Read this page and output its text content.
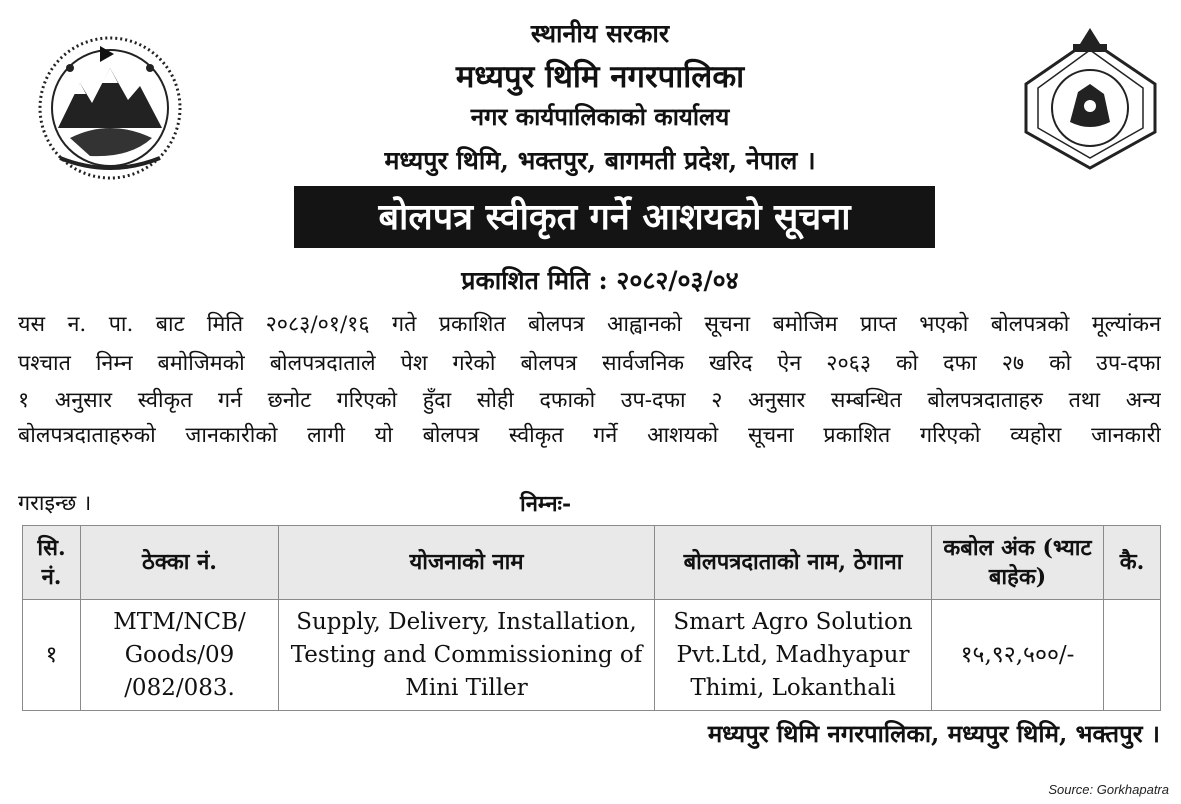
स्थानीय सरकार
मध्यपुर थिमि नगरपालिका
नगर कार्यपालिकाको कार्यालय
मध्यपुर थिमि, भक्तपुर, बागमती प्रदेश, नेपाल ।
बोलपत्र स्वीकृत गर्ने आशयको सूचना
प्रकाशित मिति : २०८२/०३/०४
यस न. पा. बाट मिति २०८३/०१/१६ गते प्रकाशित बोलपत्र आह्वानको सूचना बमोजिम प्राप्त भएको बोलपत्रको मूल्यांकन
पश्चात निम्न बमोजिमको बोलपत्रदाताले पेश गरेको बोलपत्र सार्वजनिक खरिद ऐन २०६३ को दफा २७ को उप-दफा
१ अनुसार स्वीकृत गर्न छनोट गरिएको हुँदा सोही दफाको उप-दफा २ अनुसार सम्बन्धित बोलपत्रदाताहरु तथा अन्य
बोलपत्रदाताहरुको जानकारीको लागी यो बोलपत्र स्वीकृत गर्ने आशयको सूचना प्रकाशित गरिएको व्यहोरा जानकारी
गराइन्छ ।	निम्नः-
सि. नं.	ठेक्का नं.	योजनाको नाम	बोलपत्रदाताको नाम, ठेगाना	कबोल अंक (भ्याट बाहेक)	कै.
१	MTM/NCB/ Goods/09 /082/083.	Supply, Delivery, Installation, Testing and Commissioning of Mini Tiller	Smart Agro Solution Pvt.Ltd, Madhyapur Thimi, Lokanthali	१५,९२,५००/-	
मध्यपुर थिमि नगरपालिका, मध्यपुर थिमि, भक्तपुर ।
Source: Gorkhapatra
